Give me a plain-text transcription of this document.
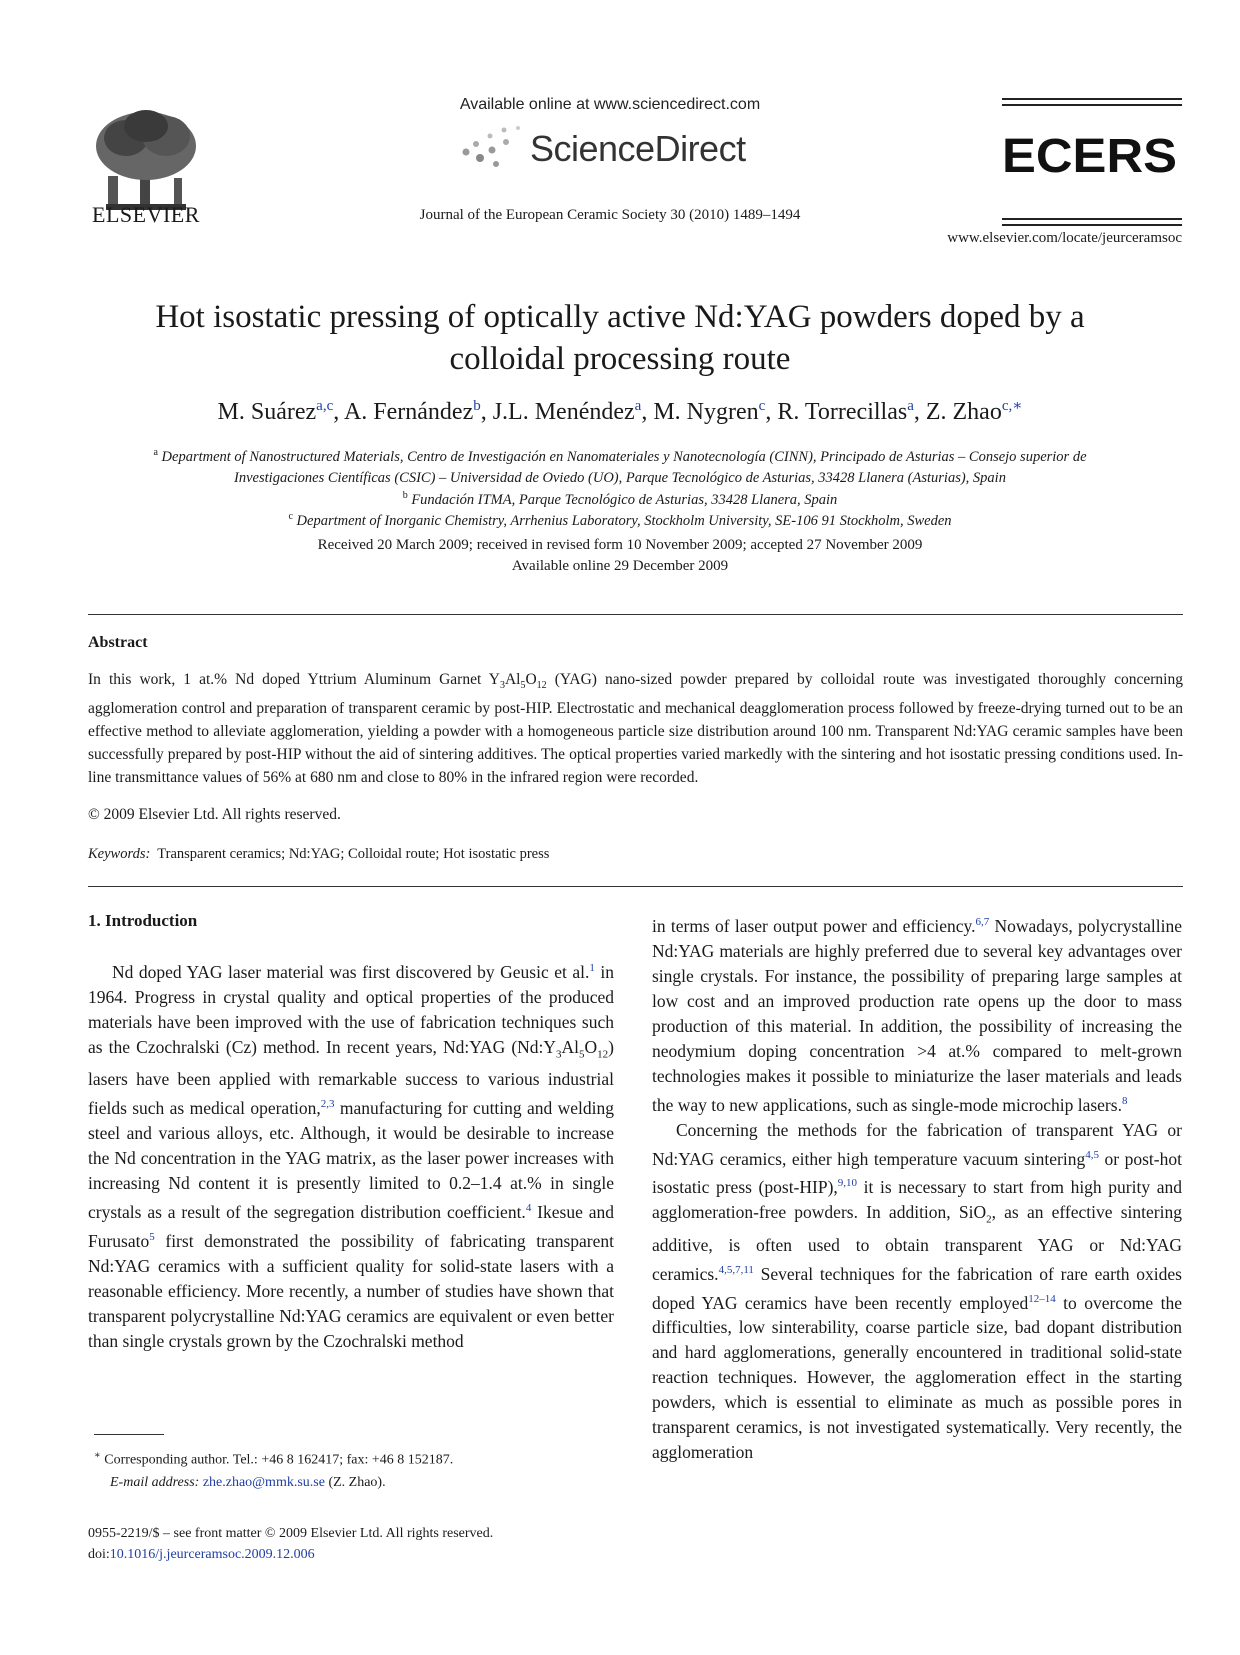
ELSEVIER
Available online at www.sciencedirect.com
ScienceDirect
Journal of the European Ceramic Society 30 (2010) 1489–1494
ECERS
www.elsevier.com/locate/jeurceramsoc
Hot isostatic pressing of optically active Nd:YAG powders doped by a
colloidal processing route
M. Suárez$^{a,c}$, A. Fernández$^b$, J.L. Menéndez$^a$, M. Nygren$^c$, R. Torrecillas$^a$, Z. Zhao$^{c,∗}$
$^a$ Department of Nanostructured Materials, Centro de Investigación en Nanomateriales y Nanotecnología (CINN), Principado de Asturias – Consejo superior de
Investigaciones Científicas (CSIC) – Universidad de Oviedo (UO), Parque Tecnológico de Asturias, 33428 Llanera (Asturias), Spain
$^b$ Fundación ITMA, Parque Tecnológico de Asturias, 33428 Llanera, Spain
$^c$ Department of Inorganic Chemistry, Arrhenius Laboratory, Stockholm University, SE-106 91 Stockholm, Sweden
Received 20 March 2009; received in revised form 10 November 2009; accepted 27 November 2009
Available online 29 December 2009
Abstract
In this work, 1 at.% Nd doped Yttrium Aluminum Garnet $Y_3Al_5O_{12}$ (YAG) nano-sized powder prepared by colloidal route was investigated thoroughly concerning agglomeration control and preparation of transparent ceramic by post-HIP. Electrostatic and mechanical deagglomeration process followed by freeze-drying turned out to be an effective method to alleviate agglomeration, yielding a powder with a homogeneous particle size distribution around 100 nm. Transparent Nd:YAG ceramic samples have been successfully prepared by post-HIP without the aid of sintering additives. The optical properties varied markedly with the sintering and hot isostatic pressing conditions used. In-line transmittance values of 56% at 680 nm and close to 80% in the infrared region were recorded.
© 2009 Elsevier Ltd. All rights reserved.
Keywords: Transparent ceramics; Nd:YAG; Colloidal route; Hot isostatic press
1. Introduction
Nd doped YAG laser material was first discovered by Geusic et al.$^1$ in 1964. Progress in crystal quality and optical properties of the produced materials have been improved with the use of fabrication techniques such as the Czochralski (Cz) method. In recent years, Nd:YAG $(Nd:Y_3Al_5O_{12})$ lasers have been applied with remarkable success to various industrial fields such as medical operation,$^{2,3}$ manufacturing for cutting and welding steel and various alloys, etc. Although, it would be desirable to increase the Nd concentration in the YAG matrix, as the laser power increases with increasing Nd content it is presently limited to 0.2–1.4 at.% in single crystals as a result of the segregation distribution coefficient.$^4$ Ikesue and Furusato$^5$ first demonstrated the possibility of fabricating transparent Nd:YAG ceramics with a sufficient quality for solid-state lasers with a reasonable efficiency. More recently, a number of studies have shown that transparent polycrystalline Nd:YAG ceramics are equivalent or even better than single crystals grown by the Czochralski method
in terms of laser output power and efficiency.$^{6,7}$ Nowadays, polycrystalline Nd:YAG materials are highly preferred due to several key advantages over single crystals. For instance, the possibility of preparing large samples at low cost and an improved production rate opens up the door to mass production of this material. In addition, the possibility of increasing the neodymium doping concentration >4 at.% compared to melt-grown technologies makes it possible to miniaturize the laser materials and leads the way to new applications, such as single-mode microchip lasers.$^8$
Concerning the methods for the fabrication of transparent YAG or Nd:YAG ceramics, either high temperature vacuum sintering$^{4,5}$ or post-hot isostatic press (post-HIP),$^{9,10}$ it is necessary to start from high purity and agglomeration-free powders. In addition, SiO$_2$, as an effective sintering additive, is often used to obtain transparent YAG or Nd:YAG ceramics.$^{4,5,7,11}$ Several techniques for the fabrication of rare earth oxides doped YAG ceramics have been recently employed$^{12-14}$ to overcome the difficulties, low sinterability, coarse particle size, bad dopant distribution and hard agglomerations, generally encountered in traditional solid-state reaction techniques. However, the agglomeration effect in the starting powders, which is essential to eliminate as much as possible pores in transparent ceramics, is not investigated systematically. Very recently, the agglomeration
∗ Corresponding author. Tel.: +46 8 162417; fax: +46 8 152187.
E-mail address: zhe.zhao@mmk.su.se (Z. Zhao).
0955-2219/$ – see front matter © 2009 Elsevier Ltd. All rights reserved.
doi:10.1016/j.jeurceramsoc.2009.12.006
